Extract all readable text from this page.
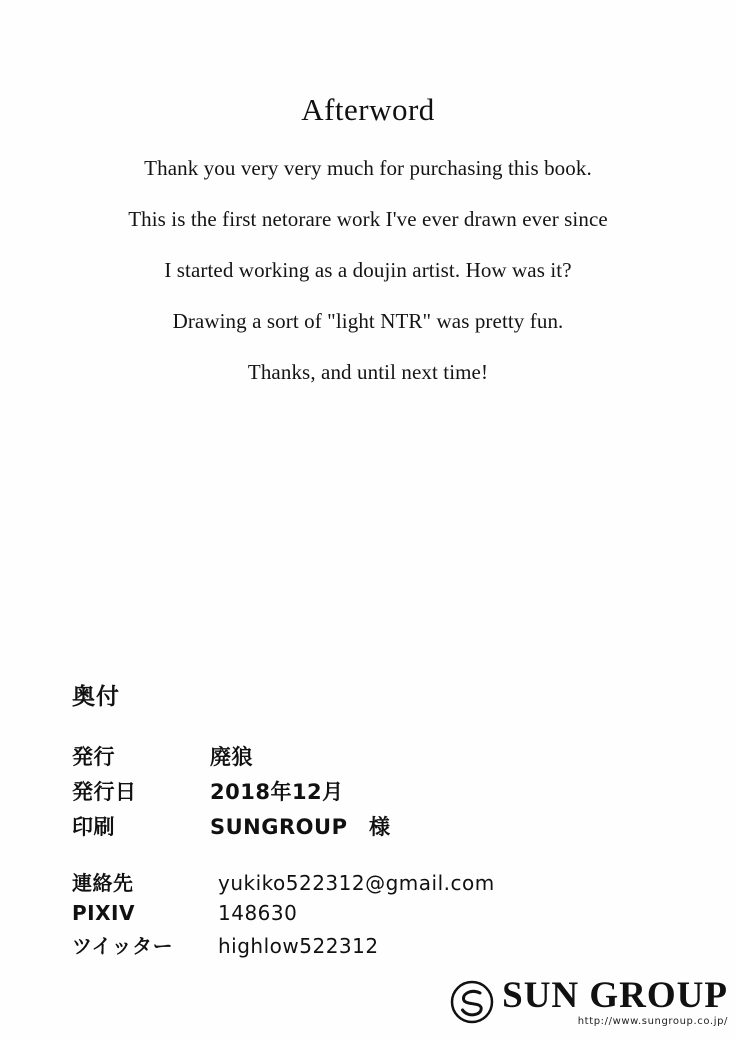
Afterword

Thank you very very much for purchasing this book.

This is the first netorare work I've ever drawn ever since

I started working as a doujin artist. How was it?

Drawing a sort of "light NTR" was pretty fun.

Thanks, and until next time!

奥付
発行	廃狼
発行日	2018年12月
印刷	SUNGROUP　様
連絡先	yukiko522312@gmail.com
PIXIV	148630
ツイッター	highlow522312
SUN GROUP
http://www.sungroup.co.jp/
